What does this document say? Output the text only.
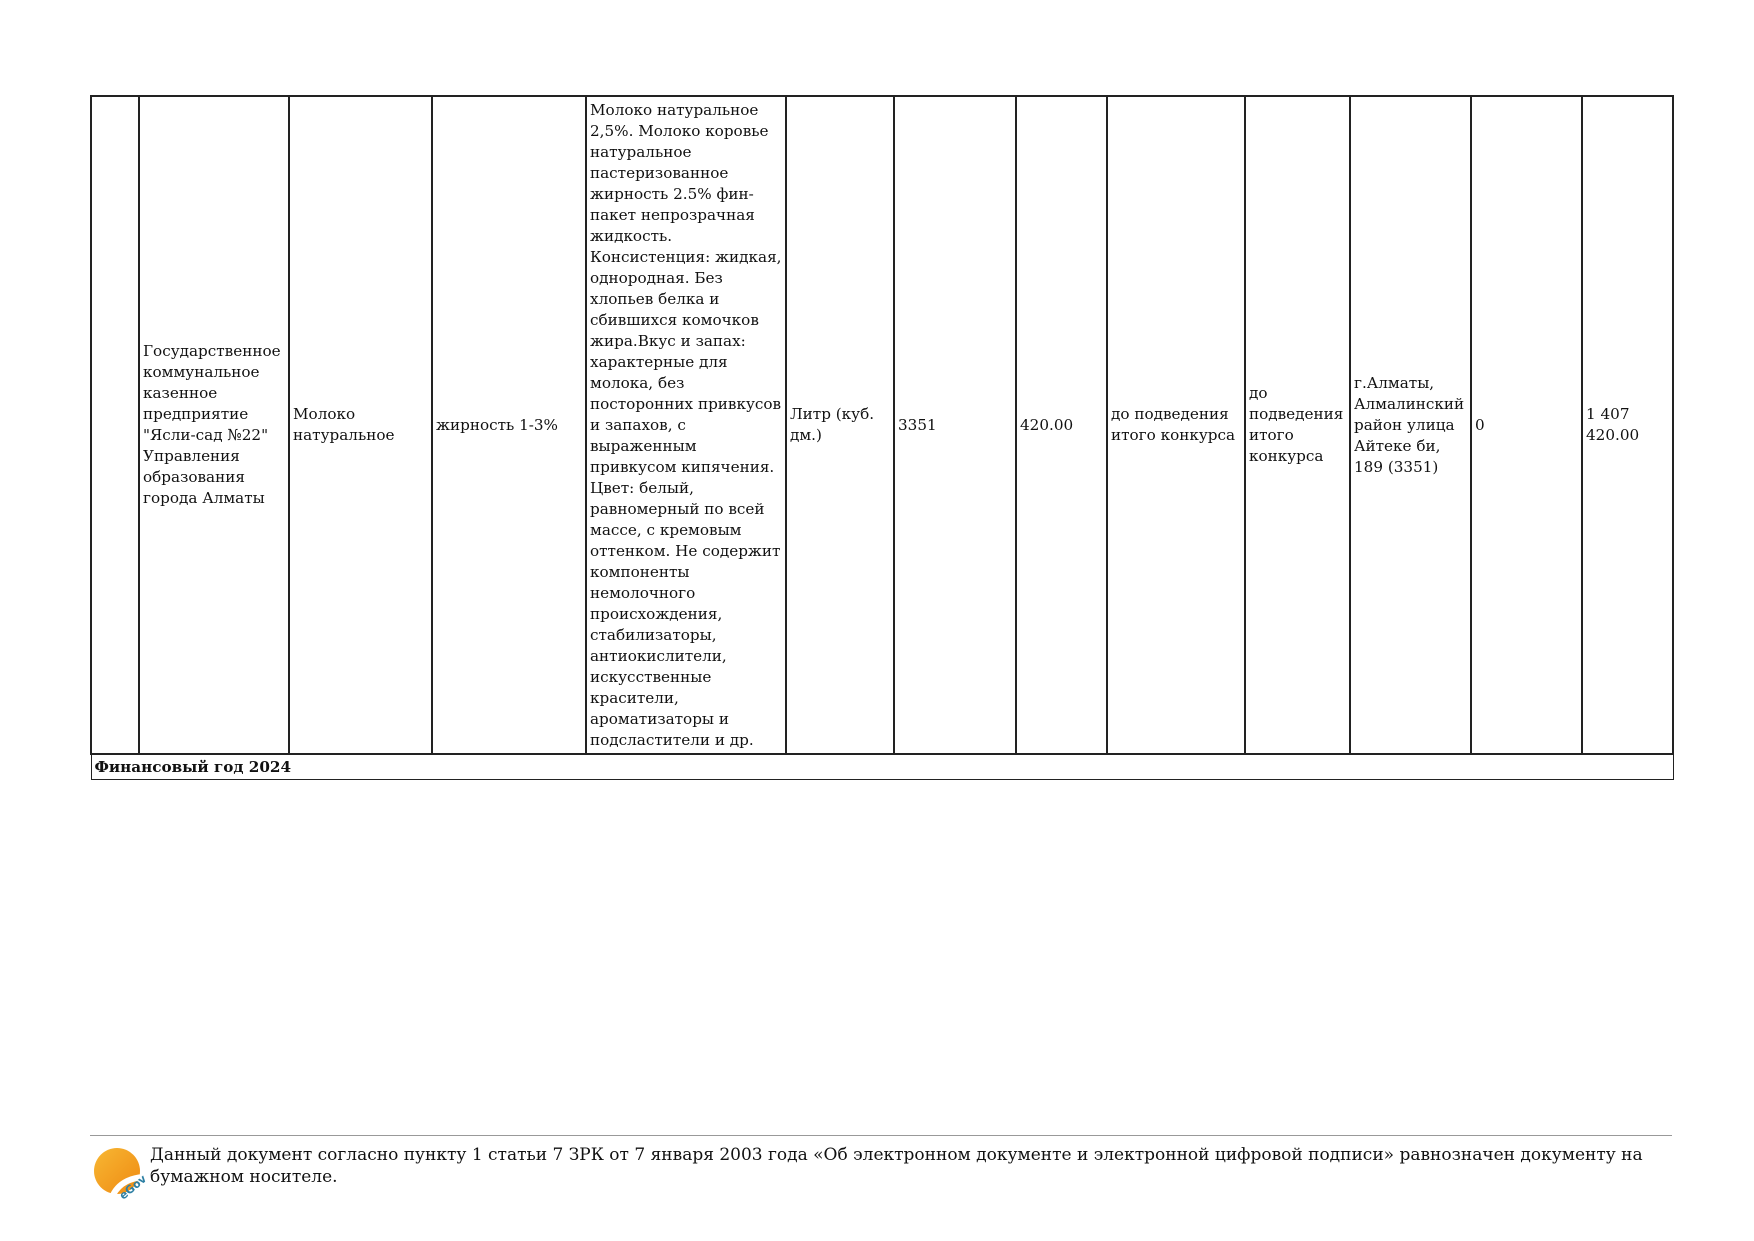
	Государственное коммунальное казенное предприятие "Ясли-сад №22" Управления образования города Алматы	Молоко натуральное	жирность 1-3%	Молоко натуральное 2,5%. Молоко коровье натуральное пастеризованное жирность 2.5% фин-пакет непрозрачная жидкость. Консистенция: жидкая, однородная. Без хлопьев белка и сбившихся комочков жира.Вкус и запах: характерные для молока, без посторонних привкусов и запахов, с выраженным привкусом кипячения. Цвет: белый, равномерный по всей массе, с кремовым оттенком. Не содержит компоненты немолочного происхождения, стабилизаторы, антиокислители, искусственные красители, ароматизаторы и подсластители и др.	Литр (куб. дм.)	3351	420.00	до подведения итого конкурса	до подведения итого конкурса	г.Алматы, Алмалинский район улица Айтеке би, 189 (3351)	0	1 407 420.00
Финансовый год 2024
eGov
Данный документ согласно пункту 1 статьи 7 ЗРК от 7 января 2003 года «Об электронном документе и электронной цифровой подписи» равнозначен документу на бумажном носителе.
